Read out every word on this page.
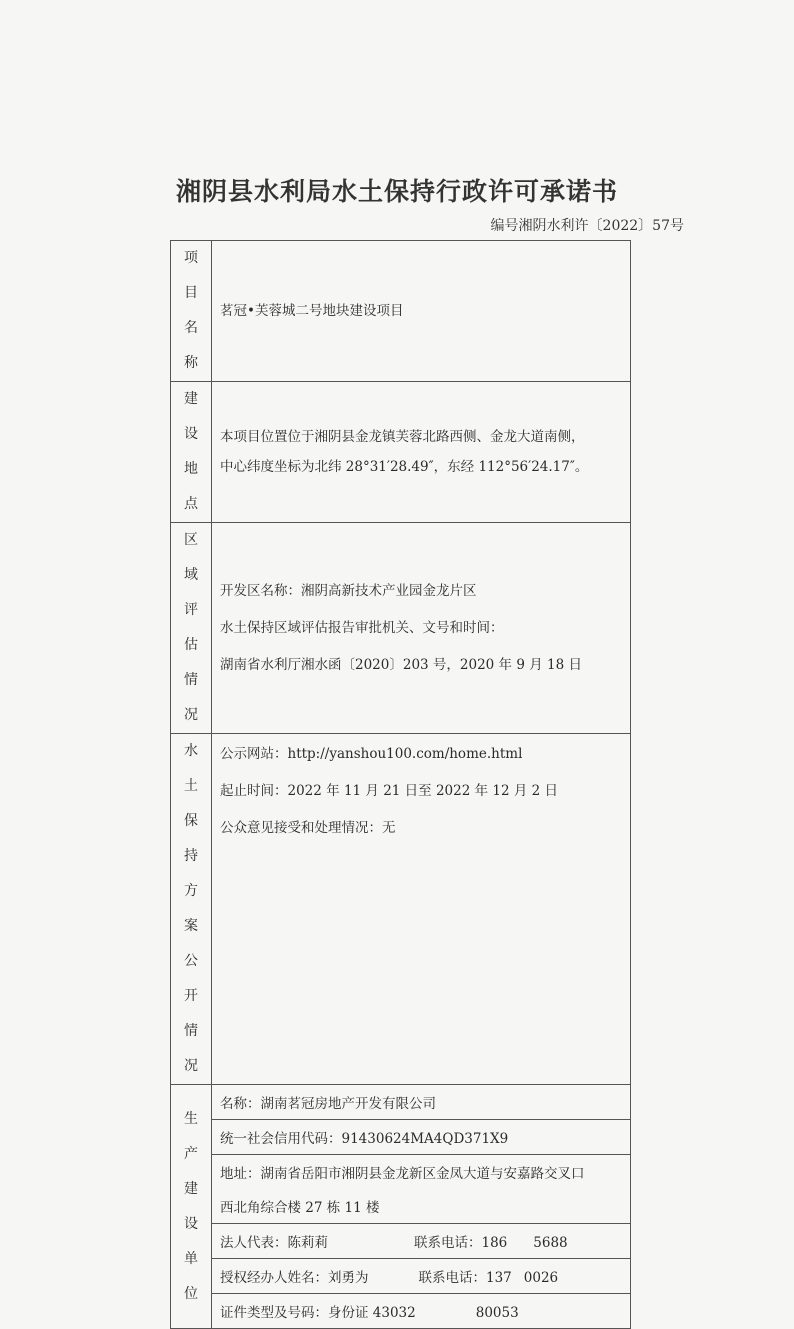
湘阴县水利局水土保持行政许可承诺书
编号湘阴水利许〔2022〕57号
项目
名称	茗冠•芙蓉城二号地块建设项目

建设
地点	本项目位置位于湘阴县金龙镇芙蓉北路西侧、金龙大道南侧，
中心纬度坐标为北纬 28°31′28.49″，东经 112°56′24.17″。

区域
评估
情况	开发区名称：湘阴高新技术产业园金龙片区
水土保持区域评估报告审批机关、文号和时间：
湖南省水利厅湘水函〔2020〕203 号，2020 年 9 月 18 日

水土
保持
方案
公开
情况	公示网站：http://yanshou100.com/home.html
起止时间：2022 年 11 月 21 日至 2022 年 12 月 2 日
公众意见接受和处理情况：无

生产
建设
单位	名称：湖南茗冠房地产开发有限公司
	统一社会信用代码：91430624MA4QD371X9
	地址：湖南省岳阳市湘阴县金龙新区金凤大道与安嘉路交叉口
	西北角综合楼 27 栋 11 楼
	法人代表：陈莉莉 联系电话：186 5688
	授权经办人姓名：刘勇为 联系电话：137 0026
	证件类型及号码：身份证 43032 80053
